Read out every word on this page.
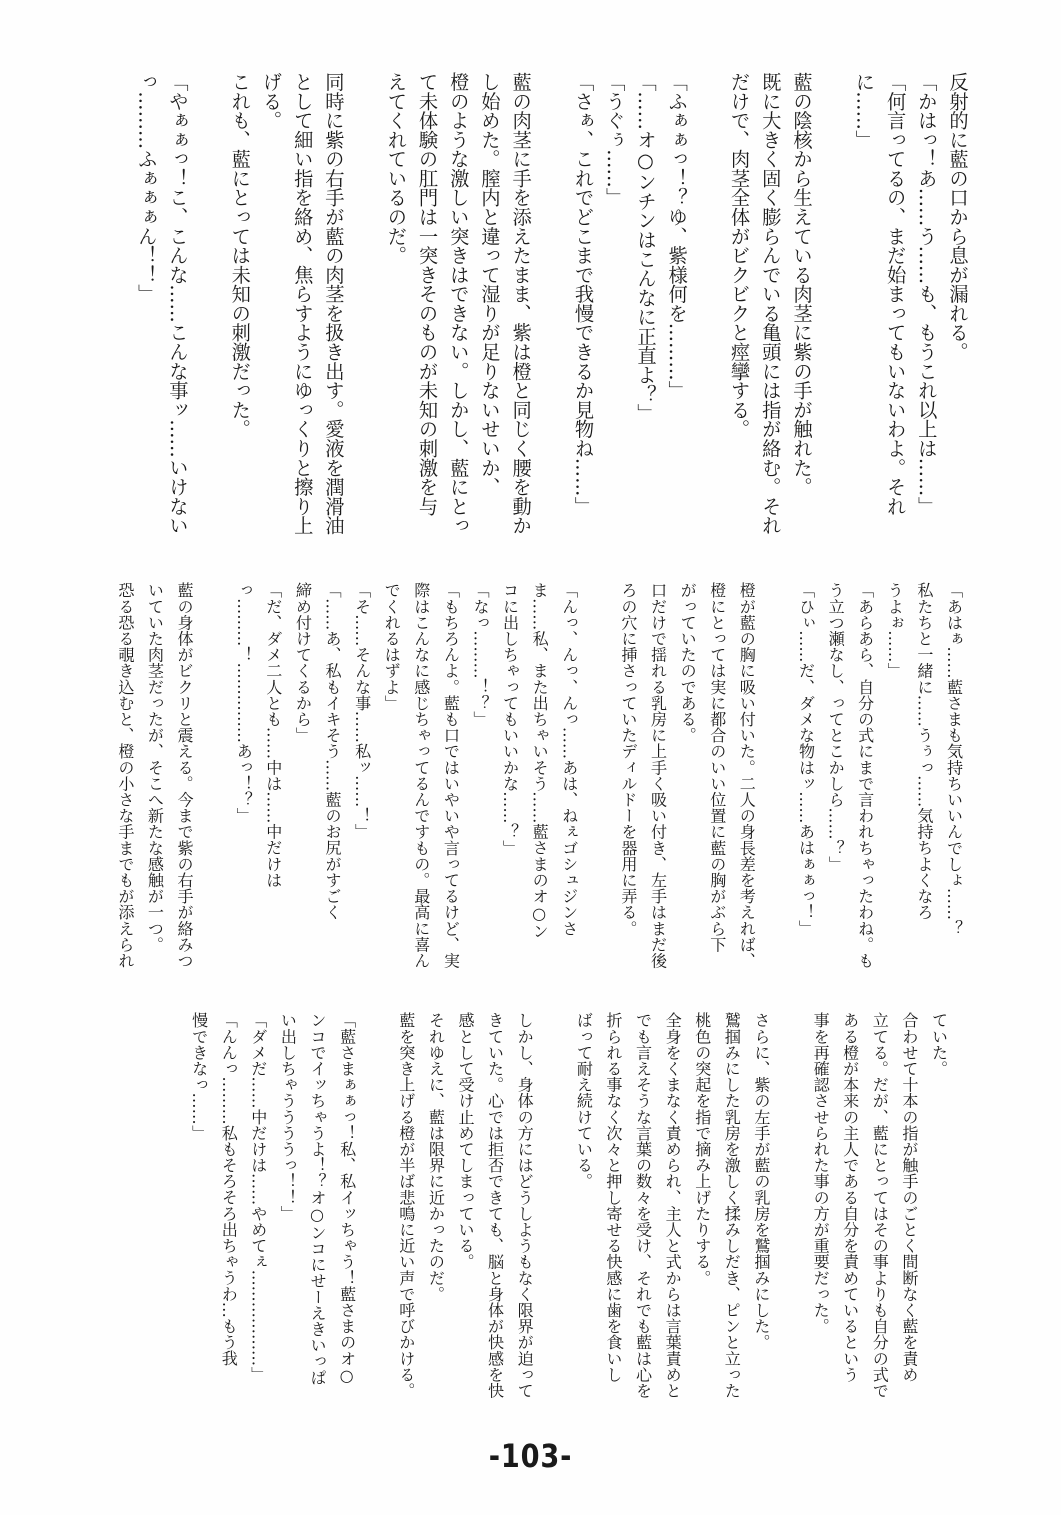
反射的に藍の口から息が漏れる。
「かはっ！あ……う……も、もうこれ以上は……」
「何言ってるの、まだ始まってもいないわよ。それ
に……」
藍の陰核から生えている肉茎に紫の手が触れた。
既に大きく固く膨らんでいる亀頭には指が絡む。それ
だけで、肉茎全体がビクビクと痙攣する。
「ふぁぁっ！？ゆ、紫様何を………」
「……オ○ンチンはこんなに正直よ？」
「うぐぅ……」
「さぁ、これでどこまで我慢できるか見物ね……」
藍の肉茎に手を添えたまま、紫は橙と同じく腰を動か
し始めた。膣内と違って湿りが足りないせいか、
橙のような激しい突きはできない。しかし、藍にとっ
て未体験の肛門は一突きそのものが未知の刺激を与
えてくれているのだ。
同時に紫の右手が藍の肉茎を扱き出す。愛液を潤滑油
として細い指を絡め、焦らすようにゆっくりと擦り上
げる。
これも、藍にとっては未知の刺激だった。
「やぁぁっ！こ、こんな……こんな事ッ……いけない
っ………ふぁぁぁん！！」
「あはぁ……藍さまも気持ちいいんでしょ……？
私たちと一緒に……うぅっ……気持ちよくなろ
うよぉ……」
「あらあら、自分の式にまで言われちゃったわね。も
う立つ瀬なし、ってとこかしら……？」
「ひぃ……だ、ダメな物はッ……あはぁぁっ！」
橙が藍の胸に吸い付いた。二人の身長差を考えれば、
橙にとっては実に都合のいい位置に藍の胸がぶら下
がっていたのである。
口だけで揺れる乳房に上手く吸い付き、左手はまだ後
ろの穴に挿さっていたディルドーを器用に弄る。
「んっ、んっ、んっ……あは、ねぇゴシュジンさ
ま……私、また出ちゃいそう……藍さまのオ○ン
コに出しちゃってもいいかな……？」
「なっ………！？」
「もちろんよ。藍も口ではいやいや言ってるけど、実
際はこんなに感じちゃってるんですもの。最高に喜ん
でくれるはずよ」
「そ……そんな事……私ッ……！」
「……あ、私もイキそう……藍のお尻がすごく
締め付けてくるから」
「だ、ダメ二人とも……中は……中だけは
っ………！……………あっ！？」
藍の身体がビクリと震える。今まで紫の右手が絡みつ
いていた肉茎だったが、そこへ新たな感触が一つ。
恐る恐る覗き込むと、橙の小さな手までもが添えられ
ていた。
合わせて十本の指が触手のごとく間断なく藍を責め
立てる。だが、藍にとってはその事よりも自分の式で
ある橙が本来の主人である自分を責めているという
事を再確認させられた事の方が重要だった。
さらに、紫の左手が藍の乳房を鷲掴みにした。
鷲掴みにした乳房を激しく揉みしだき、ピンと立った
桃色の突起を指で摘み上げたりする。
全身をくまなく責められ、主人と式からは言葉責めと
でも言えそうな言葉の数々を受け、それでも藍は心を
折られる事なく次々と押し寄せる快感に歯を食いし
ばって耐え続けている。
しかし、身体の方にはどうしようもなく限界が迫って
きていた。心では拒否できても、脳と身体が快感を快
感として受け止めてしまっている。
それゆえに、藍は限界に近かったのだ。
藍を突き上げる橙が半ば悲鳴に近い声で呼びかける。
「藍さまぁぁっ！私、私イッちゃう！藍さまのオ○
ンコでイッちゃうよ！？オ○ンコにせーえきいっぱ
い出しちゃううううっ！！」
「ダメだ……中だけは……やめてぇ………………」
「んんっ………私もそろそろ出ちゃうわ…もう我
慢できなっ……」
-103-
